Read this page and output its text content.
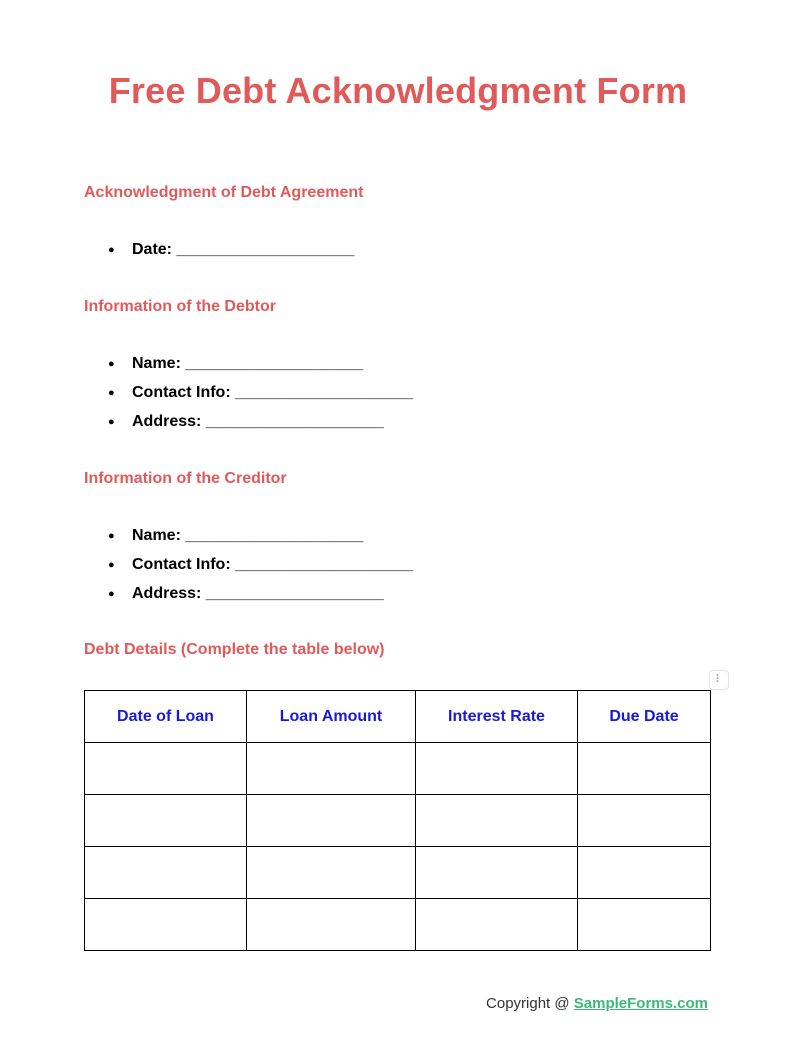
Free Debt Acknowledgment Form
Acknowledgment of Debt Agreement
● Date: ____________________
Information of the Debtor
● Name: ____________________
● Contact Info: ____________________
● Address: ____________________
Information of the Creditor
● Name: ____________________
● Contact Info: ____________________
● Address: ____________________
Debt Details (Complete the table below)
⠇
Date of Loan	Loan Amount	Interest Rate	Due Date

Copyright @ SampleForms.com
